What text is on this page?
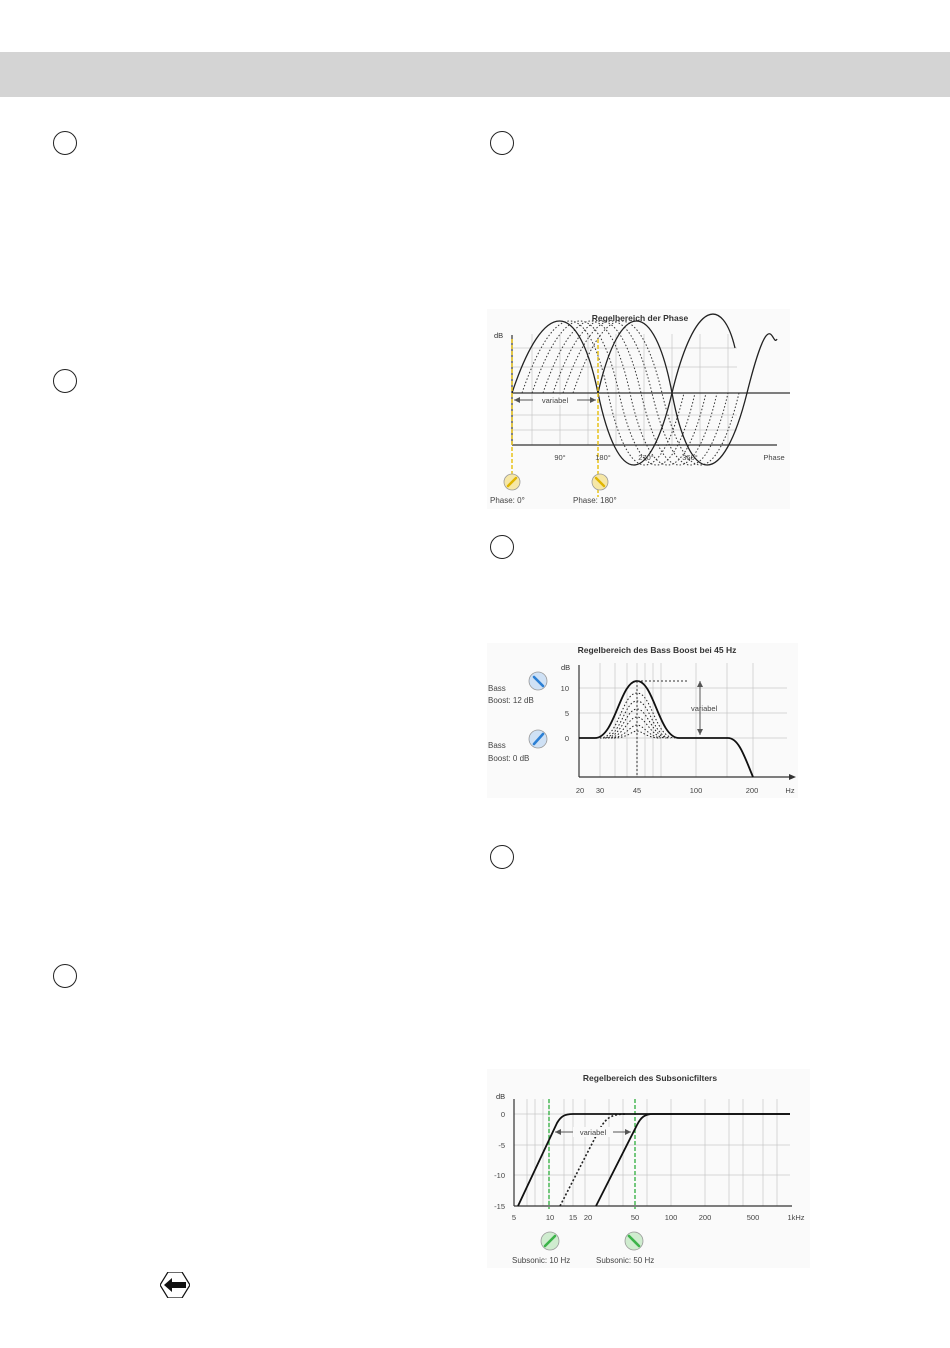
Regelbereich der Phase
dB
variabel
90°	180°	270°	360°	Phase
Phase: 0°	Phase: 180°
Regelbereich des Bass Boost bei 45 Hz
dB
10
5
0
variabel
20 30	45	100	200	Hz
Bass
Boost: 12 dB
Bass
Boost: 0 dB
Regelbereich des Subsonicfilters
dB
0
-5
-10
-15
variabel
5	10 15 20	50	100	200	500	1kHz
Subsonic: 10 Hz	Subsonic: 50 Hz
